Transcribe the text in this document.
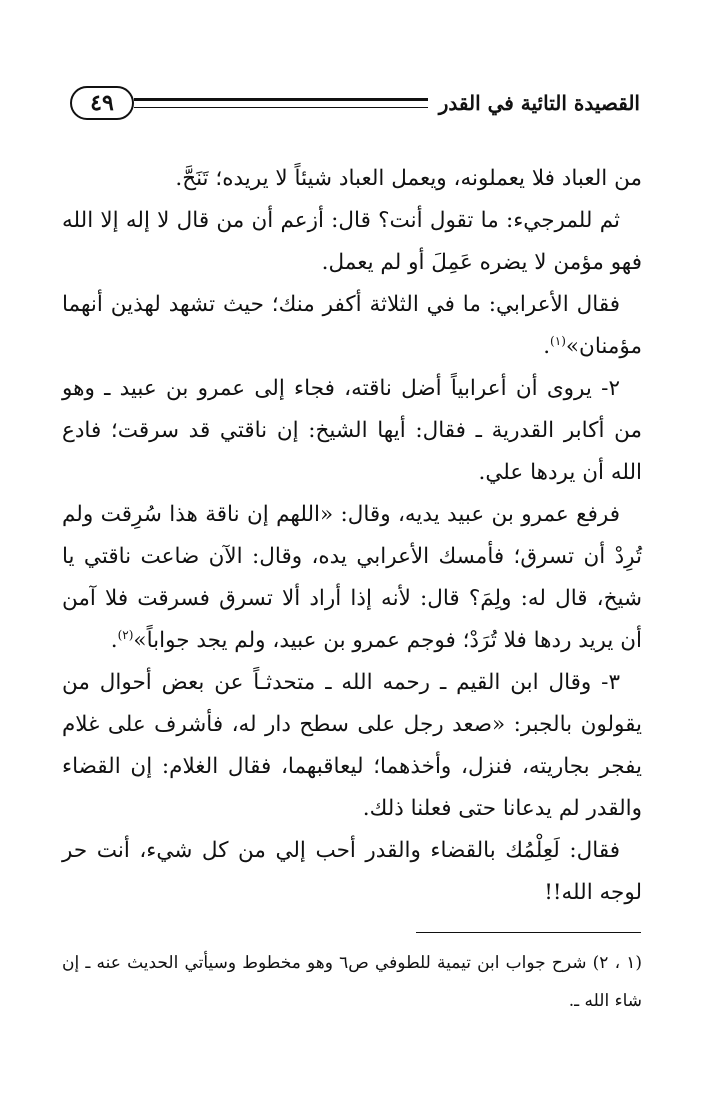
٤٩	القصيدة التائية في القدر

من العباد فلا يعملونه، ويعمل العباد شيئاً لا يريده؛ تَنَحَّ.

ثم للمرجيء: ما تقول أنت؟ قال: أزعم أن من قال لا إله إلا الله فهو مؤمن لا يضره عَمِلَ أو لم يعمل.

فقال الأعرابي: ما في الثلاثة أكفر منك؛ حيث تشهد لهذين أنهما مؤمنان»$^{(١)}$.

٢- يروى أن أعرابياً أضل ناقته، فجاء إلى عمرو بن عبيد ـ وهو من أكابر القدرية ـ فقال: أيها الشيخ: إن ناقتي قد سرقت؛ فادع الله أن يردها علي.

فرفع عمرو بن عبيد يديه، وقال: «اللهم إن ناقة هذا سُرِقت ولم تُرِدْ أن تسرق؛ فأمسك الأعرابي يده، وقال: الآن ضاعت ناقتي يا شيخ، قال له: ولِمَ؟ قال: لأنه إذا أراد ألا تسرق فسرقت فلا آمن أن يريد ردها فلا تُرَدْ؛ فوجم عمرو بن عبيد، ولم يجد جواباً»$^{(٢)}$.

٣- وقال ابن القيم ـ رحمه الله ـ متحدثـاً عن بعض أحوال من يقولون بالجبر: «صعد رجل على سطح دار له، فأشرف على غلام يفجر بجاريته، فنزل، وأخذهما؛ ليعاقبهما، فقال الغلام: إن القضاء والقدر لم يدعانا حتى فعلنا ذلك.

فقال: لَعِلْمُك بالقضاء والقدر أحب إلي من كل شيء، أنت حر لوجه الله!!

(١ ، ٢) شرح جواب ابن تيمية للطوفي ص٦ وهو مخطوط وسيأتي الحديث عنه ـ إن شاء الله ـ.
